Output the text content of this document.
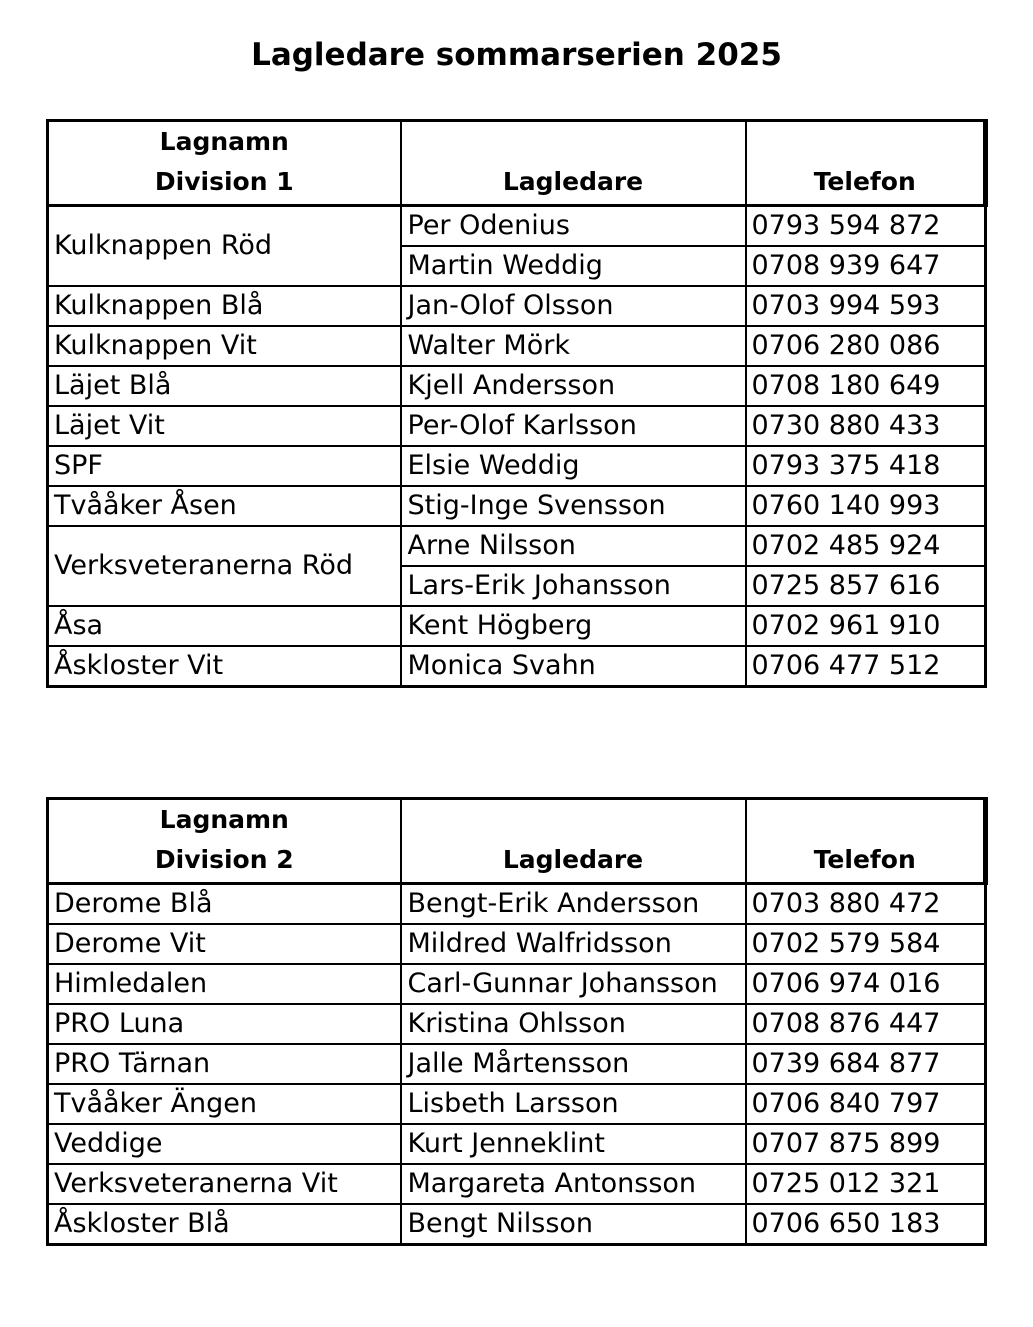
Lagledare sommarserien 2025
Lagnamn
Division 1	Lagledare	Telefon

Kulknappen Röd	Per Odenius	0793 594 872
	Martin Weddig	0708 939 647
Kulknappen Blå	Jan-Olof Olsson	0703 994 593
Kulknappen Vit	Walter Mörk	0706 280 086
Läjet Blå	Kjell Andersson	0708 180 649
Läjet Vit	Per-Olof Karlsson	0730 880 433
SPF	Elsie Weddig	0793 375 418
Tvååker Åsen	Stig-Inge Svensson	0760 140 993
Verksveteranerna Röd	Arne Nilsson	0702 485 924
	Lars-Erik Johansson	0725 857 616
Åsa	Kent Högberg	0702 961 910
Åskloster Vit	Monica Svahn	0706 477 512
Lagnamn
Division 2	Lagledare	Telefon

Derome Blå	Bengt-Erik Andersson	0703 880 472
Derome Vit	Mildred Walfridsson	0702 579 584
Himledalen	Carl-Gunnar Johansson	0706 974 016
PRO Luna	Kristina Ohlsson	0708 876 447
PRO Tärnan	Jalle Mårtensson	0739 684 877
Tvååker Ängen	Lisbeth Larsson	0706 840 797
Veddige	Kurt Jenneklint	0707 875 899
Verksveteranerna Vit	Margareta Antonsson	0725 012 321
Åskloster Blå	Bengt Nilsson	0706 650 183
